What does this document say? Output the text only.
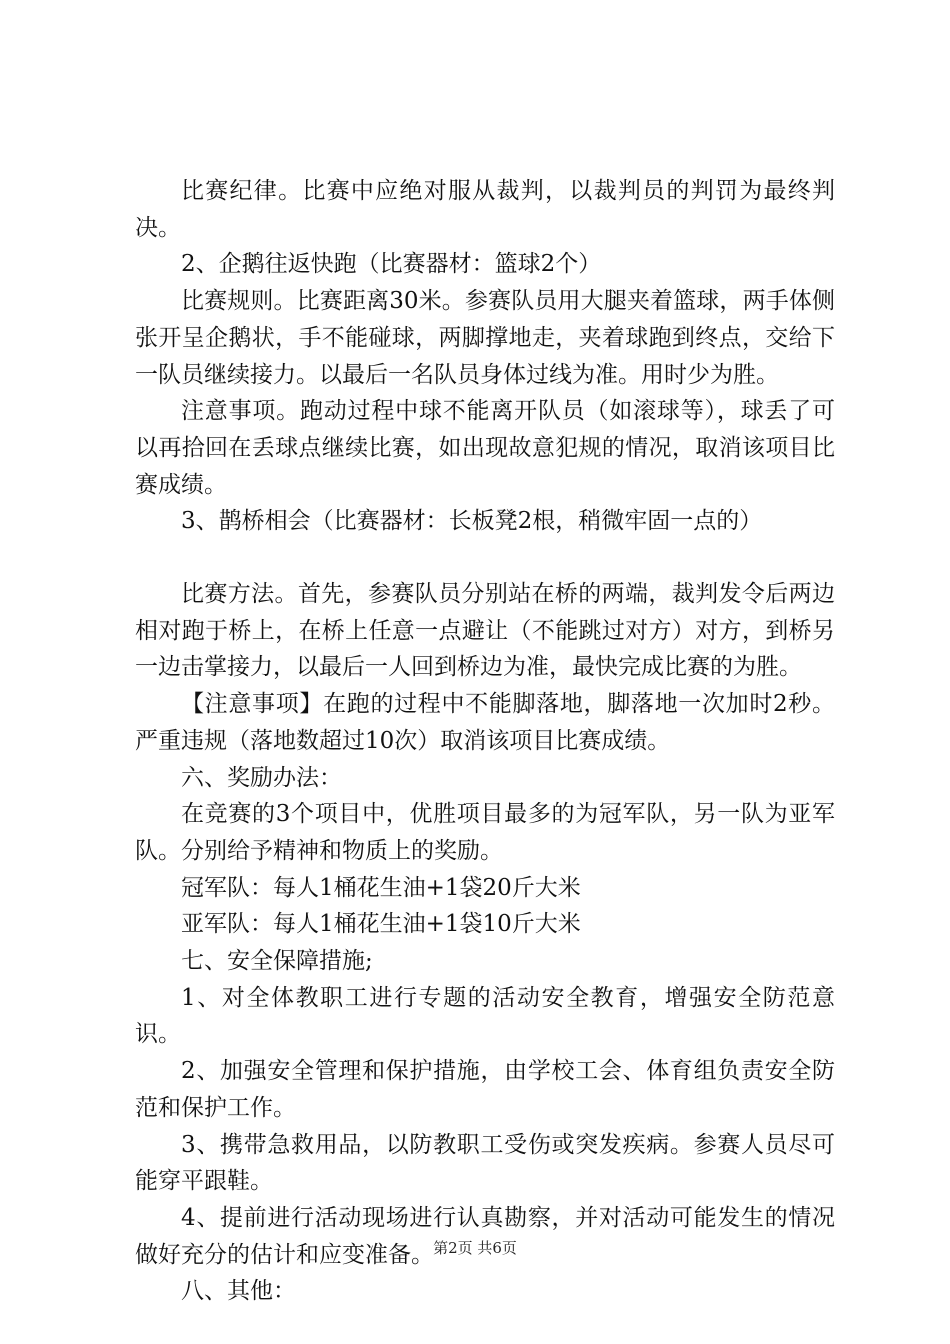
比赛纪律。比赛中应绝对服从裁判，以裁判员的判罚为最终判决。

2、企鹅往返快跑（比赛器材：篮球2个）

比赛规则。比赛距离30米。参赛队员用大腿夹着篮球，两手体侧张开呈企鹅状，手不能碰球，两脚撑地走，夹着球跑到终点，交给下一队员继续接力。以最后一名队员身体过线为准。用时少为胜。

注意事项。跑动过程中球不能离开队员（如滚球等），球丢了可以再拾回在丢球点继续比赛，如出现故意犯规的情况，取消该项目比赛成绩。

3、鹊桥相会（比赛器材：长板凳2根，稍微牢固一点的）

比赛方法。首先，参赛队员分别站在桥的两端，裁判发令后两边相对跑于桥上，在桥上任意一点避让（不能跳过对方）对方，到桥另一边击掌接力，以最后一人回到桥边为准，最快完成比赛的为胜。

【注意事项】在跑的过程中不能脚落地，脚落地一次加时2秒。严重违规（落地数超过10次）取消该项目比赛成绩。

六、奖励办法：

在竞赛的3个项目中，优胜项目最多的为冠军队，另一队为亚军队。分别给予精神和物质上的奖励。

冠军队：每人1桶花生油+1袋20斤大米

亚军队：每人1桶花生油+1袋10斤大米

七、安全保障措施;

1、对全体教职工进行专题的活动安全教育，增强安全防范意识。

2、加强安全管理和保护措施，由学校工会、体育组负责安全防范和保护工作。

3、携带急救用品，以防教职工受伤或突发疾病。参赛人员尽可能穿平跟鞋。

4、提前进行活动现场进行认真勘察，并对活动可能发生的情况做好充分的估计和应变准备。

八、其他：

第2页 共6页
